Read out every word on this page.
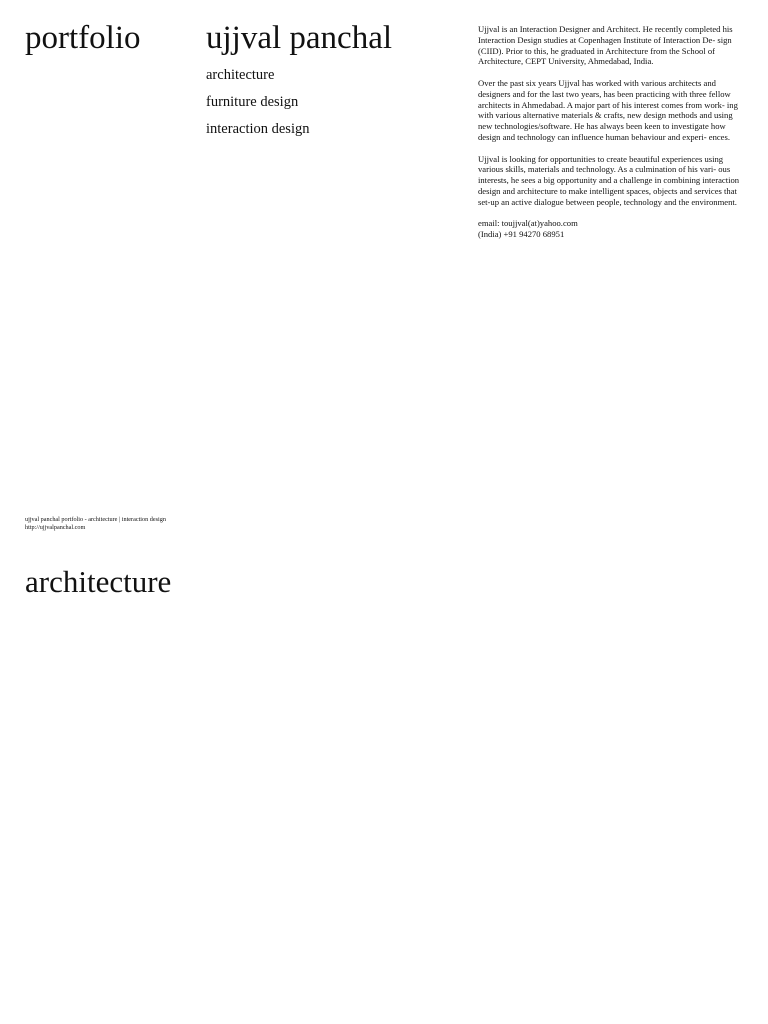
portfolio ujjval panchal
architecture
furniture design
interaction design

Ujjval is an Interaction Designer and Architect. He recently completed his Interaction Design studies at Copenhagen Institute of Interaction De- sign (CIID). Prior to this, he graduated in Architecture from the School of Architecture, CEPT University, Ahmedabad, India.

Over the past six years Ujjval has worked with various architects and designers and for the last two years, has been practicing with three fellow architects in Ahmedabad. A major part of his interest comes from work- ing with various alternative materials & crafts, new design methods and using new technologies/software. He has always been keen to investigate how design and technology can influence human behaviour and experi- ences.

Ujjval is looking for opportunities to create beautiful experiences using various skills, materials and technology. As a culmination of his vari- ous interests, he sees a big opportunity and a challenge in combining interaction design and architecture to make intelligent spaces, objects and services that set-up an active dialogue between people, technology and the environment.

email: toujjval(at)yahoo.com

(India) +91 94270 68951

ujjval panchal portfolio - architecture | interaction design
http://ujjvalpanchal.com
architecture
